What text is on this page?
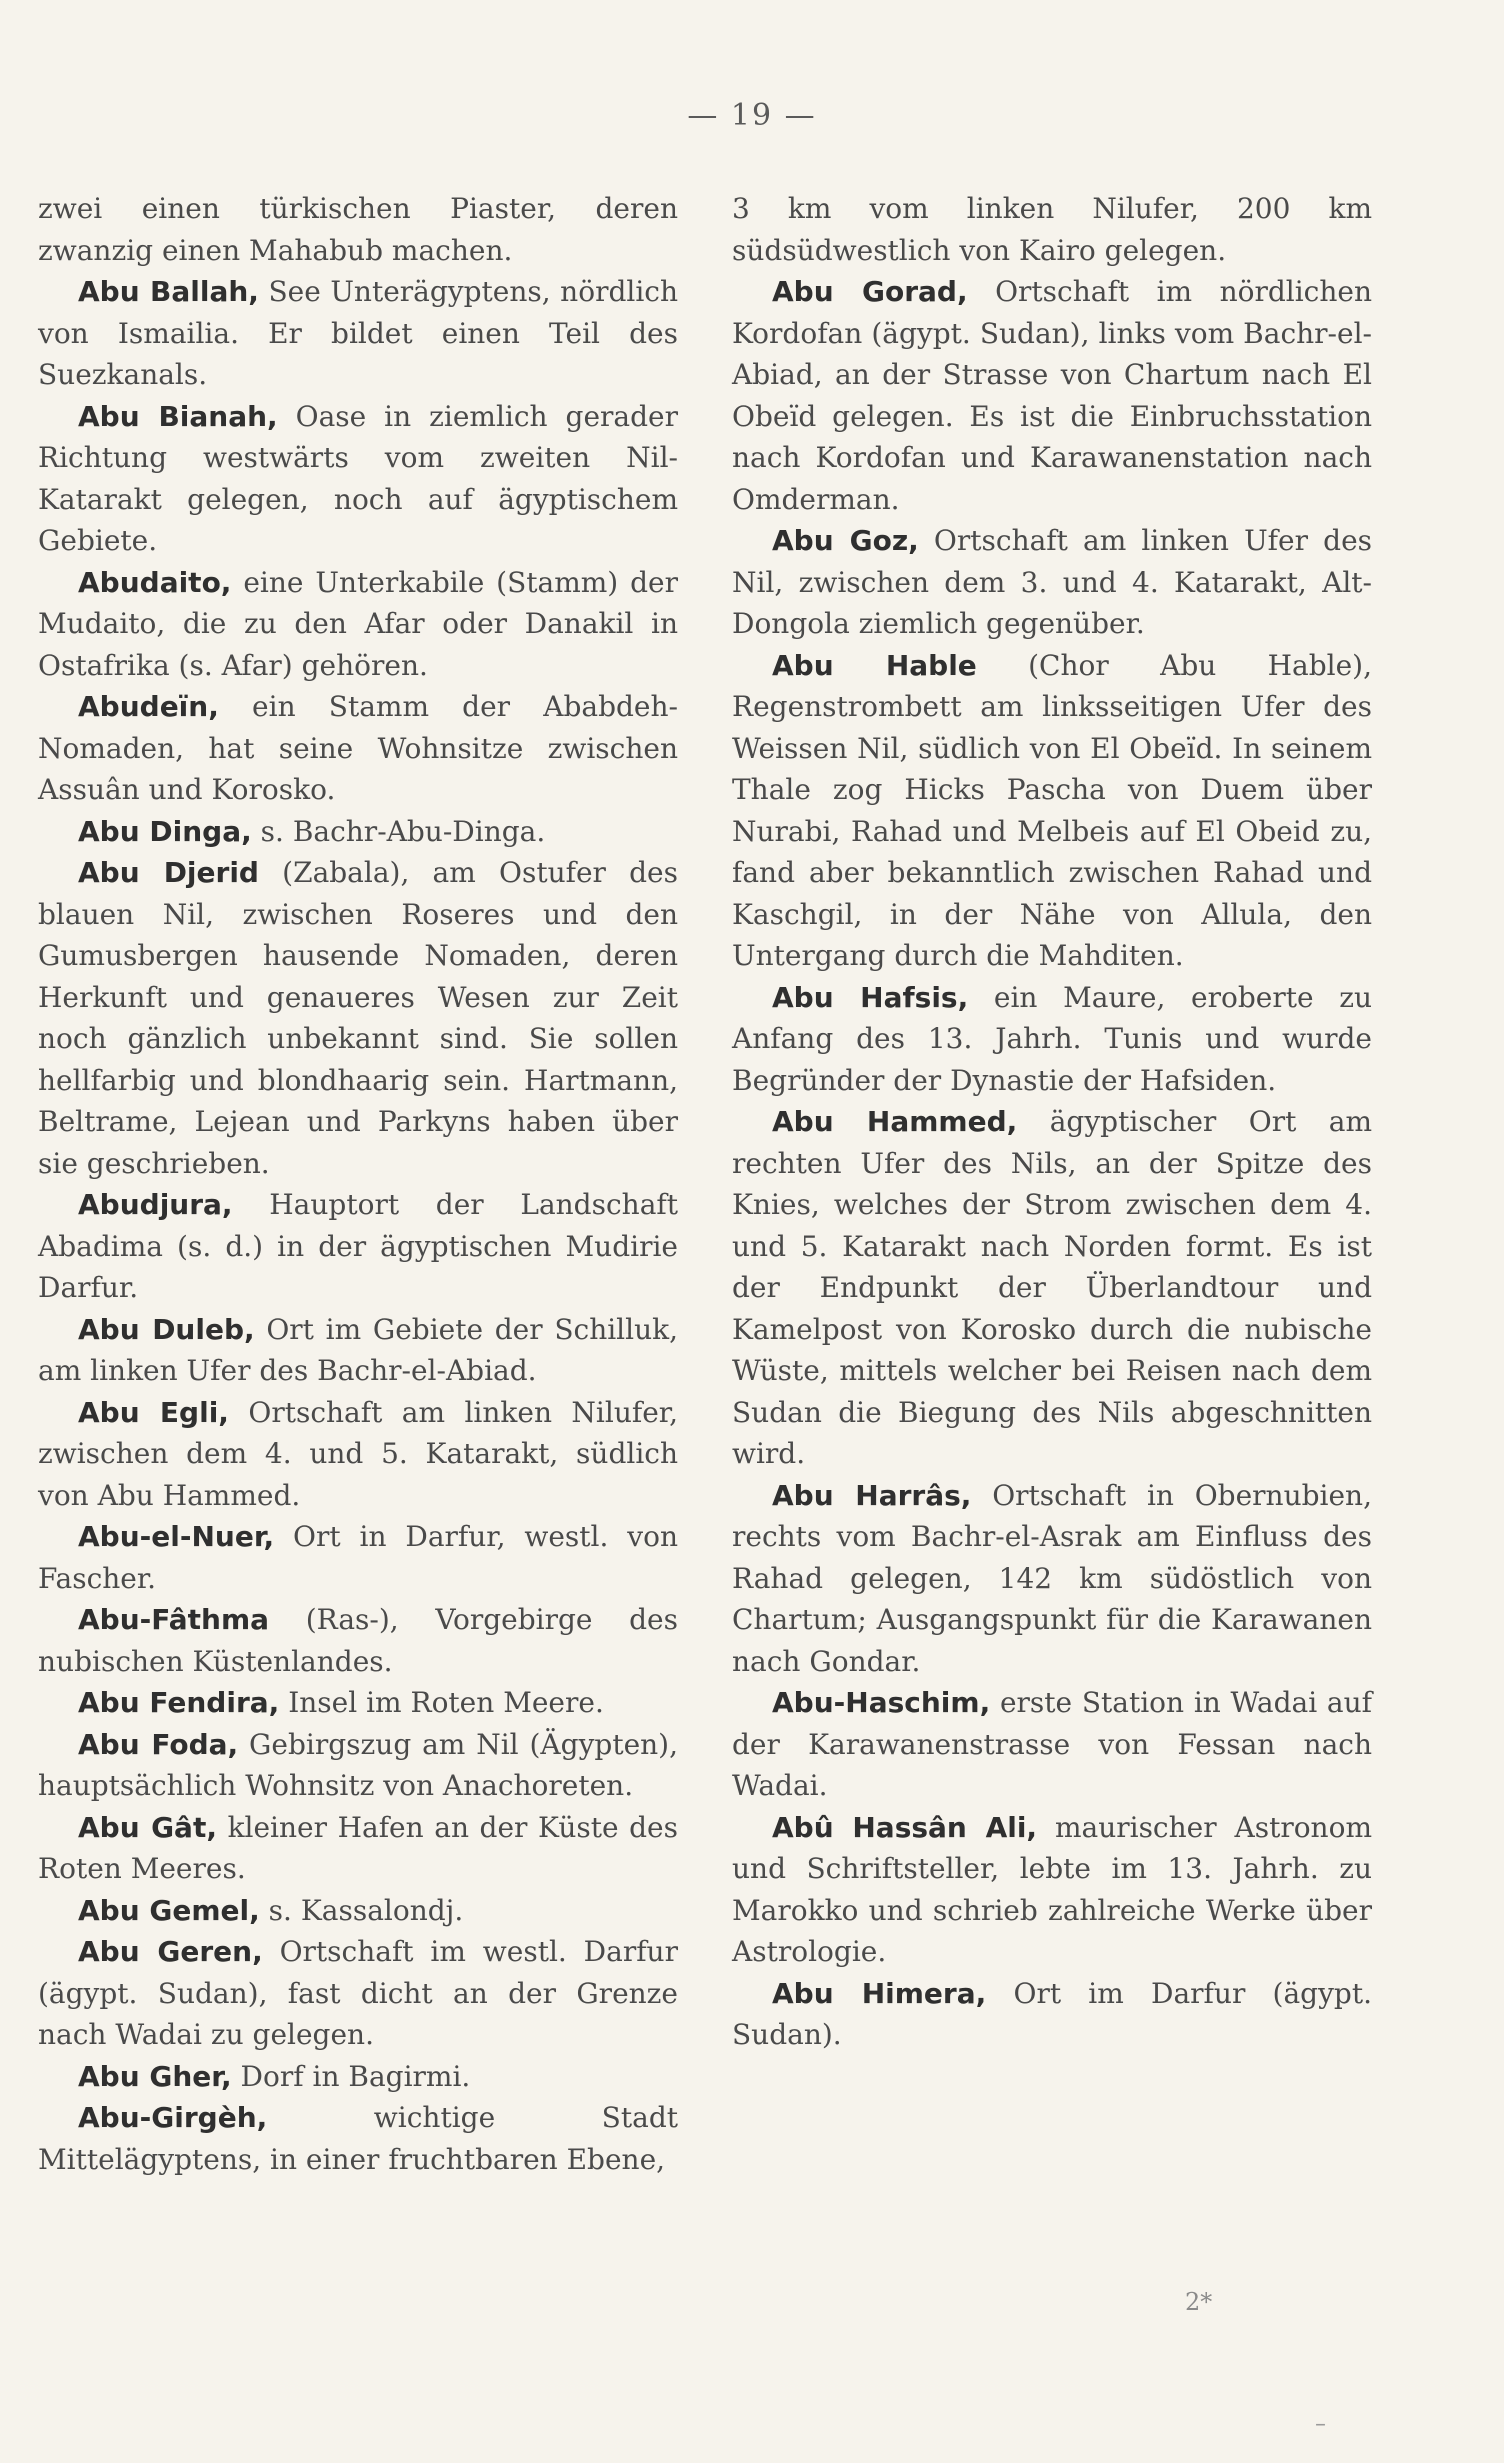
— 19 —

zwei einen türkischen Piaster, deren zwanzig einen Mahabub machen.

Abu Ballah, See Unterägyptens, nördlich von Ismailia. Er bildet einen Teil des Suezkanals.

Abu Bianah, Oase in ziemlich gerader Richtung westwärts vom zweiten Nil-Katarakt gelegen, noch auf ägyptischem Gebiete.

Abudaito, eine Unterkabile (Stamm) der Mudaito, die zu den Afar oder Danakil in Ostafrika (s. Afar) gehören.

Abudeïn, ein Stamm der Ababdeh-Nomaden, hat seine Wohnsitze zwischen Assuân und Korosko.

Abu Dinga, s. Bachr-Abu-Dinga.

Abu Djerid (Zabala), am Ostufer des blauen Nil, zwischen Roseres und den Gumusbergen hausende Nomaden, deren Herkunft und genaueres Wesen zur Zeit noch gänzlich unbekannt sind. Sie sollen hellfarbig und blondhaarig sein. Hartmann, Beltrame, Lejean und Parkyns haben über sie geschrieben.

Abudjura, Hauptort der Landschaft Abadima (s. d.) in der ägyptischen Mudirie Darfur.

Abu Duleb, Ort im Gebiete der Schilluk, am linken Ufer des Bachr-el-Abiad.

Abu Egli, Ortschaft am linken Nilufer, zwischen dem 4. und 5. Katarakt, südlich von Abu Hammed.

Abu-el-Nuer, Ort in Darfur, westl. von Fascher.

Abu-Fâthma (Ras-), Vorgebirge des nubischen Küstenlandes.

Abu Fendira, Insel im Roten Meere.

Abu Foda, Gebirgszug am Nil (Ägypten), hauptsächlich Wohnsitz von Anachoreten.

Abu Gât, kleiner Hafen an der Küste des Roten Meeres.

Abu Gemel, s. Kassalondj.

Abu Geren, Ortschaft im westl. Darfur (ägypt. Sudan), fast dicht an der Grenze nach Wadai zu gelegen.

Abu Gher, Dorf in Bagirmi.

Abu-Girgèh, wichtige Stadt Mittelägyptens, in einer fruchtbaren Ebene,

3 km vom linken Nilufer, 200 km südsüdwestlich von Kairo gelegen.

Abu Gorad, Ortschaft im nördlichen Kordofan (ägypt. Sudan), links vom Bachr-el-Abiad, an der Strasse von Chartum nach El Obeïd gelegen. Es ist die Einbruchsstation nach Kordofan und Karawanenstation nach Omderman.

Abu Goz, Ortschaft am linken Ufer des Nil, zwischen dem 3. und 4. Katarakt, Alt-Dongola ziemlich gegenüber.

Abu Hable (Chor Abu Hable), Regenstrombett am linksseitigen Ufer des Weissen Nil, südlich von El Obeïd. In seinem Thale zog Hicks Pascha von Duem über Nurabi, Rahad und Melbeis auf El Obeid zu, fand aber bekanntlich zwischen Rahad und Kaschgil, in der Nähe von Allula, den Untergang durch die Mahditen.

Abu Hafsis, ein Maure, eroberte zu Anfang des 13. Jahrh. Tunis und wurde Begründer der Dynastie der Hafsiden.

Abu Hammed, ägyptischer Ort am rechten Ufer des Nils, an der Spitze des Knies, welches der Strom zwischen dem 4. und 5. Katarakt nach Norden formt. Es ist der Endpunkt der Überlandtour und Kamelpost von Korosko durch die nubische Wüste, mittels welcher bei Reisen nach dem Sudan die Biegung des Nils abgeschnitten wird.

Abu Harrâs, Ortschaft in Obernubien, rechts vom Bachr-el-Asrak am Einfluss des Rahad gelegen, 142 km südöstlich von Chartum; Ausgangspunkt für die Karawanen nach Gondar.

Abu-Haschim, erste Station in Wadai auf der Karawanenstrasse von Fessan nach Wadai.

Abû Hassân Ali, maurischer Astronom und Schriftsteller, lebte im 13. Jahrh. zu Marokko und schrieb zahlreiche Werke über Astrologie.

Abu Himera, Ort im Darfur (ägypt. Sudan).

2*
–
